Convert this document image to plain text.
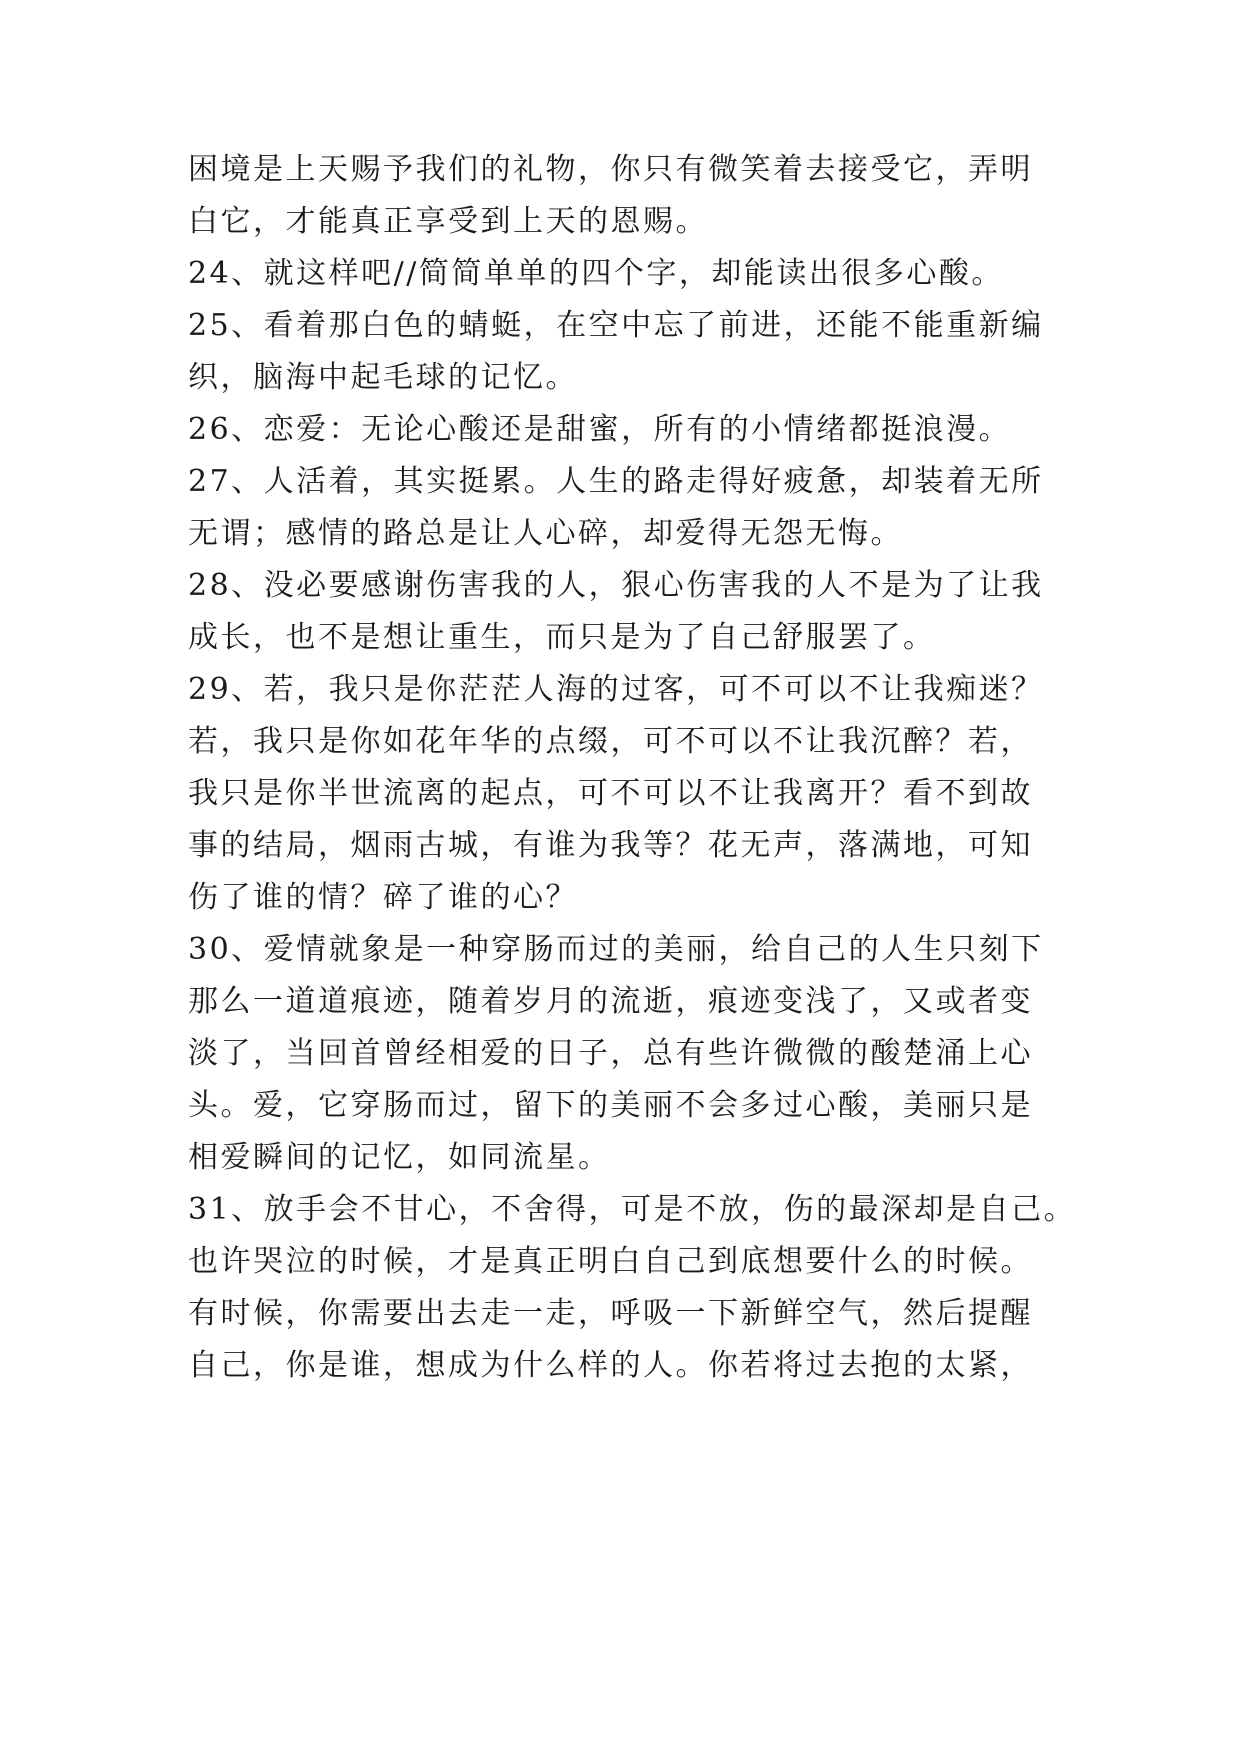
困境是上天赐予我们的礼物，你只有微笑着去接受它，弄明
白它，才能真正享受到上天的恩赐。
24、就这样吧//简简单单的四个字，却能读出很多心酸。
25、看着那白色的蜻蜓，在空中忘了前进，还能不能重新编
织，脑海中起毛球的记忆。
26、恋爱：无论心酸还是甜蜜，所有的小情绪都挺浪漫。
27、人活着，其实挺累。人生的路走得好疲惫，却装着无所
无谓；感情的路总是让人心碎，却爱得无怨无悔。
28、没必要感谢伤害我的人，狠心伤害我的人不是为了让我
成长，也不是想让重生，而只是为了自己舒服罢了。
29、若，我只是你茫茫人海的过客，可不可以不让我痴迷？
若，我只是你如花年华的点缀，可不可以不让我沉醉？若，
我只是你半世流离的起点，可不可以不让我离开？看不到故
事的结局，烟雨古城，有谁为我等？花无声，落满地，可知
伤了谁的情？碎了谁的心？
30、爱情就象是一种穿肠而过的美丽，给自己的人生只刻下
那么一道道痕迹，随着岁月的流逝，痕迹变浅了，又或者变
淡了，当回首曾经相爱的日子，总有些许微微的酸楚涌上心
头。爱，它穿肠而过，留下的美丽不会多过心酸，美丽只是
相爱瞬间的记忆，如同流星。
31、放手会不甘心，不舍得，可是不放，伤的最深却是自己。
也许哭泣的时候，才是真正明白自己到底想要什么的时候。
有时候，你需要出去走一走，呼吸一下新鲜空气，然后提醒
自己，你是谁，想成为什么样的人。你若将过去抱的太紧，
